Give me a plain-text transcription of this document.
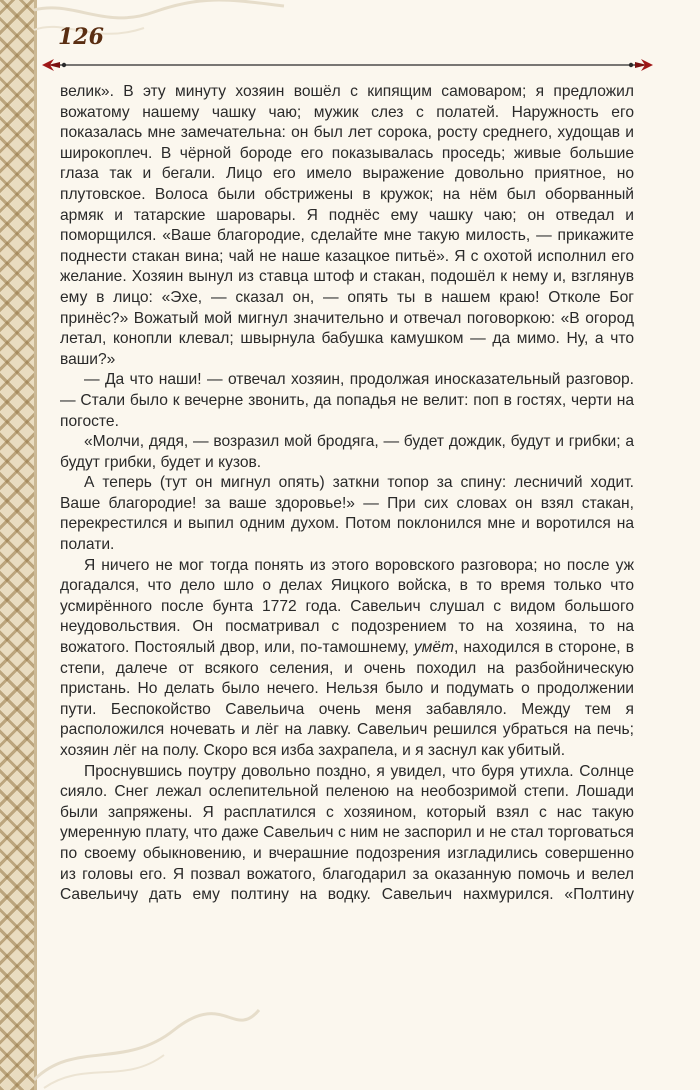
126

велик». В эту минуту хозяин вошёл с кипящим самоваром; я предложил вожатому нашему чашку чаю; мужик слез с полатей. Наружность его показалась мне замечательна: он был лет сорока, росту среднего, худощав и широкоплеч. В чёрной бороде его показывалась проседь; живые большие глаза так и бегали. Лицо его имело выражение довольно приятное, но плутовское. Волоса были обстрижены в кружок; на нём был оборванный армяк и татарские шаровары. Я поднёс ему чашку чаю; он отведал и поморщился. «Ваше благородие, сделайте мне такую милость, — прикажите поднести стакан вина; чай не наше казацкое питьё». Я с охотой исполнил его желание. Хозяин вынул из ставца штоф и стакан, подошёл к нему и, взглянув ему в лицо: «Эхе, — сказал он, — опять ты в нашем краю! Отколе Бог принёс?» Вожатый мой мигнул значительно и отвечал поговоркою: «В огород летал, конопли клевал; швырнула бабушка камушком — да мимо. Ну, а что ваши?»

— Да что наши! — отвечал хозяин, продолжая иносказательный разговор. — Стали было к вечерне звонить, да попадья не велит: поп в гостях, черти на погосте.

«Молчи, дядя, — возразил мой бродяга, — будет дождик, будут и грибки; а будут грибки, будет и кузов.

А теперь (тут он мигнул опять) заткни топор за спину: лесничий ходит. Ваше благородие! за ваше здоровье!» — При сих словах он взял стакан, перекрестился и выпил одним духом. Потом поклонился мне и воротился на полати.

Я ничего не мог тогда понять из этого воровского разговора; но после уж догадался, что дело шло о делах Яицкого войска, в то время только что усмирённого после бунта 1772 года. Савельич слушал с видом большого неудовольствия. Он посматривал с подозрением то на хозяина, то на вожатого. Постоялый двор, или, по-тамошнему, умёт, находился в стороне, в степи, далече от всякого селения, и очень походил на разбойническую пристань. Но делать было нечего. Нельзя было и подумать о продолжении пути. Беспокойство Савельича очень меня забавляло. Между тем я расположился ночевать и лёг на лавку. Савельич решился убраться на печь; хозяин лёг на полу. Скоро вся изба захрапела, и я заснул как убитый.

Проснувшись поутру довольно поздно, я увидел, что буря утихла. Солнце сияло. Снег лежал ослепительной пеленою на необозримой степи. Лошади были запряжены. Я расплатился с хозяином, который взял с нас такую умеренную плату, что даже Савельич с ним не заспорил и не стал торговаться по своему обыкновению, и вчерашние подозрения изгладились совершенно из головы его. Я позвал вожатого, благодарил за оказанную помочь и велел Савельичу дать ему полтину на водку. Савельич нахмурился. «Полтину
